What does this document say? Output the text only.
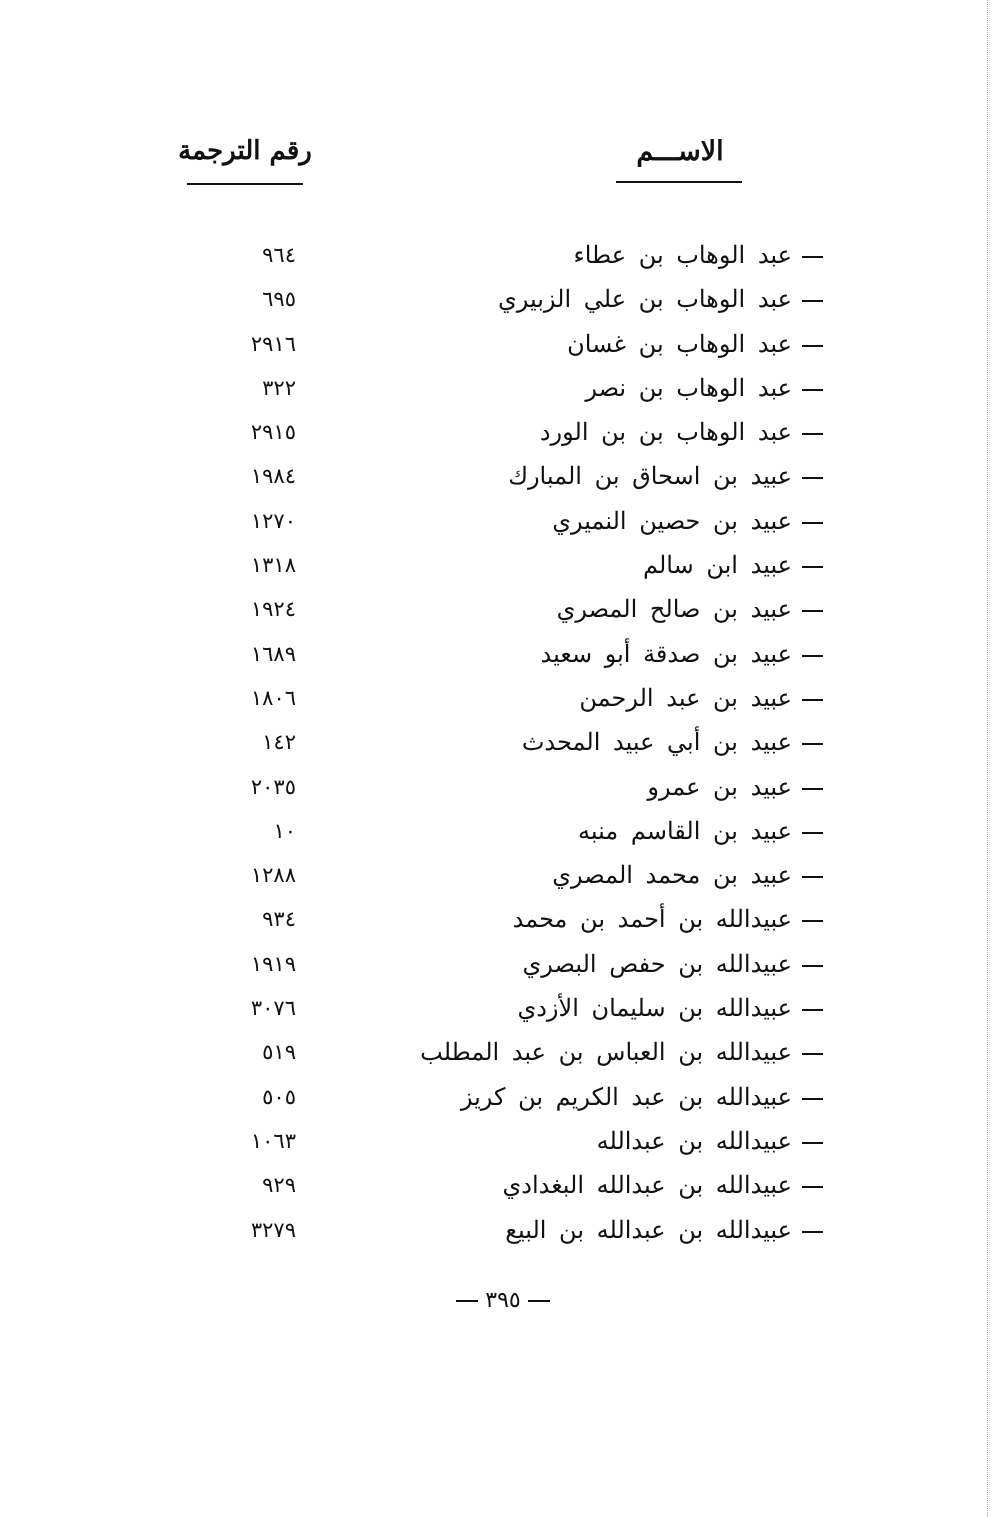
الاســـم
رقم الترجمة
عبد الوهاب بن عطاء
٩٦٤
عبد الوهاب بن علي الزبيري
٦٩٥
عبد الوهاب بن غسان
٢٩١٦
عبد الوهاب بن نصر
٣٢٢
عبد الوهاب بن بن الورد
٢٩١٥
عبيد بن اسحاق بن المبارك
١٩٨٤
عبيد بن حصين النميري
١٢٧٠
عبيد ابن سالم
١٣١٨
عبيد بن صالح المصري
١٩٢٤
عبيد بن صدقة أبو سعيد
١٦٨٩
عبيد بن عبد الرحمن
١٨٠٦
عبيد بن أبي عبيد المحدث
١٤٢
عبيد بن عمرو
٢٠٣٥
عبيد بن القاسم منبه
١٠
عبيد بن محمد المصري
١٢٨٨
عبيدالله بن أحمد بن محمد
٩٣٤
عبيدالله بن حفص البصري
١٩١٩
عبيدالله بن سليمان الأزدي
٣٠٧٦
عبيدالله بن العباس بن عبد المطلب
٥١٩
عبيدالله بن عبد الكريم بن كريز
٥٠٥
عبيدالله بن عبدالله
١٠٦٣
عبيدالله بن عبدالله البغدادي
٩٢٩
عبيدالله بن عبدالله بن البيع
٣٢٧٩
٣٩٥
